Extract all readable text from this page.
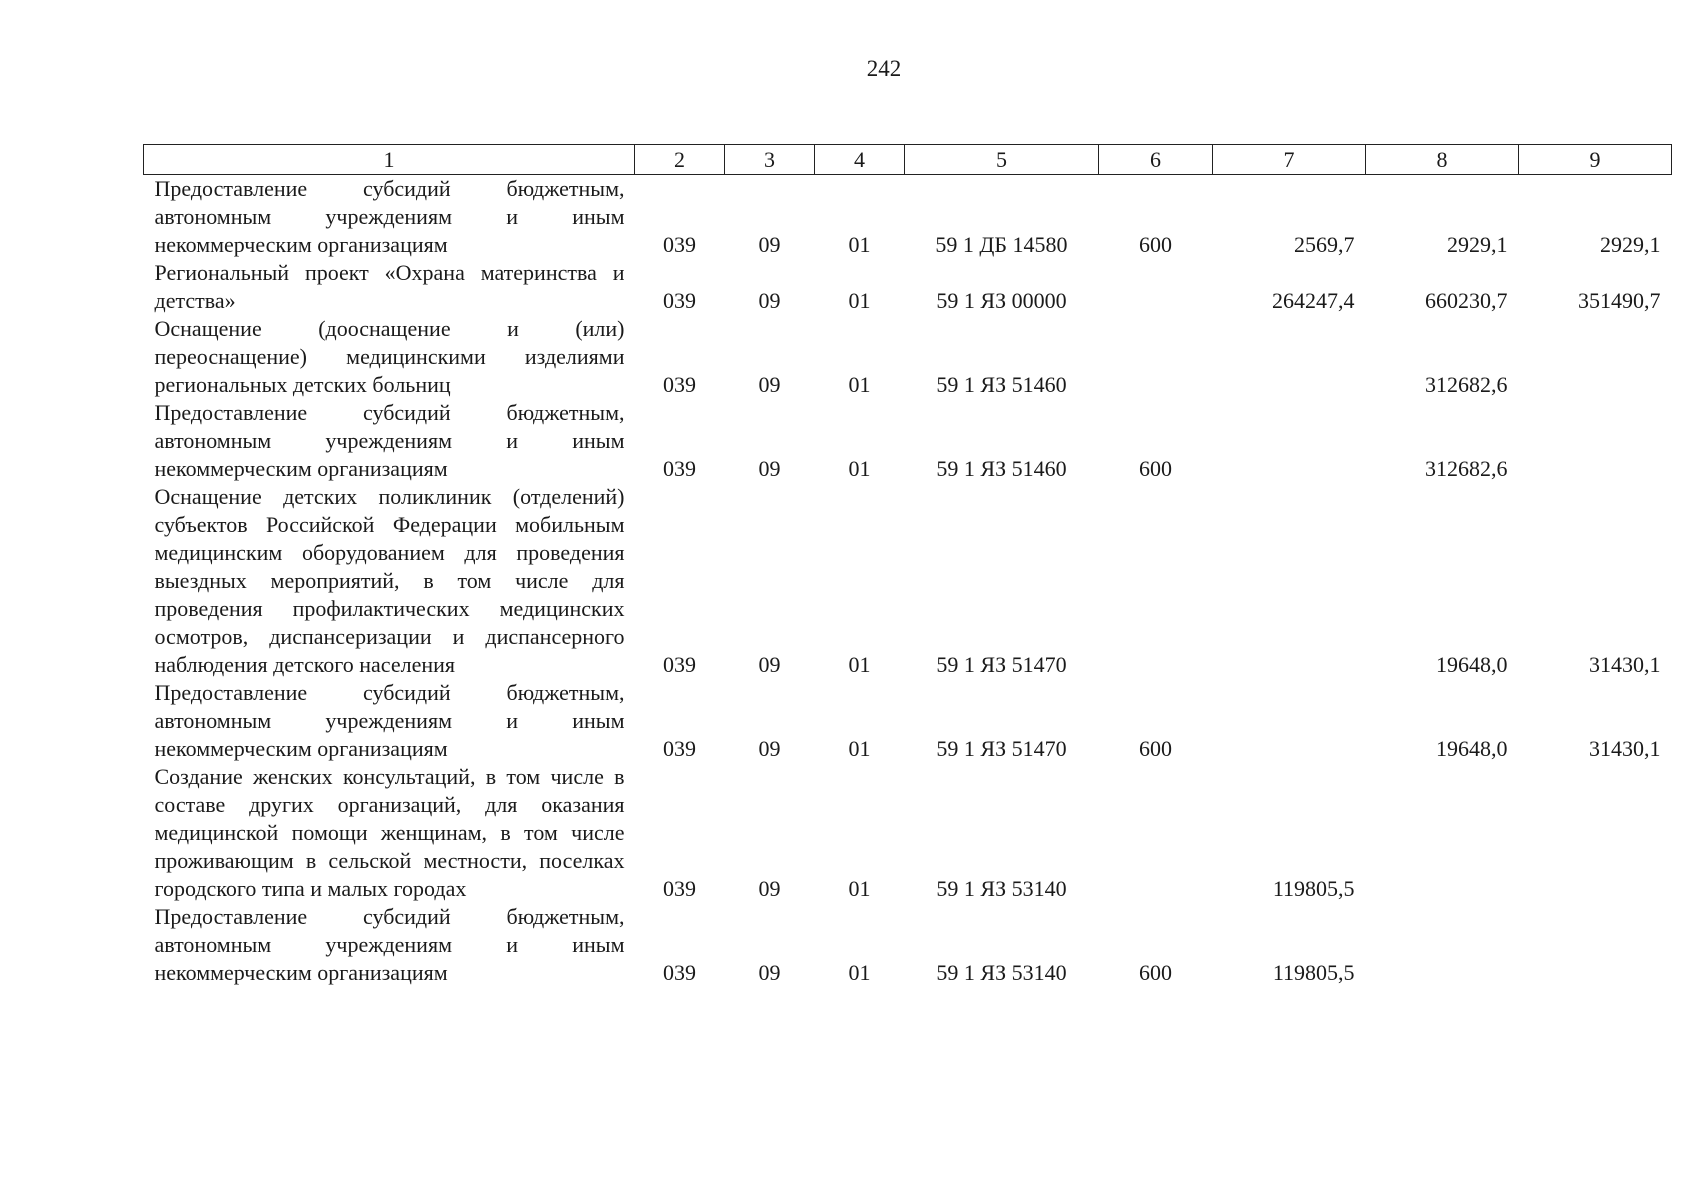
242
1	2	3	4	5	6	7	8	9
Предоставление субсидий бюджетным, автономным учреждениям и иным некоммерческим организациям	039	09	01	59 1 ДБ 14580	600	2569,7	2929,1	2929,1
Региональный проект «Охрана материнства и детства»	039	09	01	59 1 ЯЗ 00000		264247,4	660230,7	351490,7
Оснащение (дооснащение и (или) переоснащение) медицинскими изделиями региональных детских больниц	039	09	01	59 1 ЯЗ 51460			312682,6	
Предоставление субсидий бюджетным, автономным учреждениям и иным некоммерческим организациям	039	09	01	59 1 ЯЗ 51460	600		312682,6	
Оснащение детских поликлиник (отделений) субъектов Российской Федерации мобильным медицинским оборудованием для проведения выездных мероприятий, в том числе для проведения профилактических медицинских осмотров, диспансеризации и диспансерного наблюдения детского населения	039	09	01	59 1 ЯЗ 51470			19648,0	31430,1
Предоставление субсидий бюджетным, автономным учреждениям и иным некоммерческим организациям	039	09	01	59 1 ЯЗ 51470	600		19648,0	31430,1
Создание женских консультаций, в том числе в составе других организаций, для оказания медицинской помощи женщинам, в том числе проживающим в сельской местности, поселках городского типа и малых городах	039	09	01	59 1 ЯЗ 53140		119805,5		
Предоставление субсидий бюджетным, автономным учреждениям и иным некоммерческим организациям	039	09	01	59 1 ЯЗ 53140	600	119805,5		
